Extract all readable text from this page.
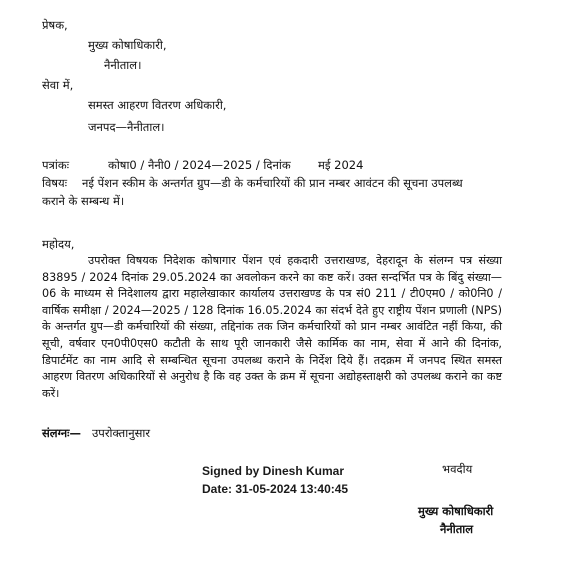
प्रेषक,
मुख्य कोषाधिकारी,
नैनीताल।
सेवा में,
समस्त आहरण वितरण अधिकारी,
जनपद—नैनीताल।
पत्रांकः	कोषा0 / नैनी0 / 2024—2025 / दिनांक मई 2024
विषयः नई पेंशन स्कीम के अन्तर्गत ग्रुप—डी के कर्मचारियों की प्रान नम्बर आवंटन की सूचना उपलब्ध
कराने के सम्बन्ध में।
महोदय,
उपरोक्त विषयक निदेशक कोषागार पेंशन एवं हकदारी उत्तराखण्ड, देहरादून के संलग्न पत्र संख्या 83895 / 2024 दिनांक 29.05.2024 का अवलोकन करने का कष्ट करें। उक्त सन्दर्भित पत्र के बिंदु संख्या—06 के माध्यम से निदेशालय द्वारा महालेखाकार कार्यालय उत्तराखण्ड के पत्र सं0 211 / टी0एम0 / को0नि0 / वार्षिक समीक्षा / 2024—2025 / 128 दिनांक 16.05.2024 का संदर्भ देते हुए राष्ट्रीय पेंशन प्रणाली (NPS) के अन्तर्गत ग्रुप—डी कर्मचारियों की संख्या, तद्दिनांक तक जिन कर्मचारियों को प्रान नम्बर आवंटित नहीं किया, की सूची, वर्षवार एन0पी0एस0 कटौती के साथ पूरी जानकारी जैसे कार्मिक का नाम, सेवा में आने की दिनांक, डिपार्टमेंट का नाम आदि से सम्बन्धित सूचना उपलब्ध कराने के निर्देश दिये हैं। तदक्रम में जनपद स्थित समस्त आहरण वितरण अधिकारियों से अनुरोध है कि वह उक्त के क्रम में सूचना अद्योहस्ताक्षरी को उपलब्ध कराने का कष्ट करें।
संलग्नः— उपरोक्तानुसार
Signed by Dinesh Kumar
Date: 31-05-2024 13:40:45
भवदीय
मुख्य कोषाधिकारी
नैनीताल
